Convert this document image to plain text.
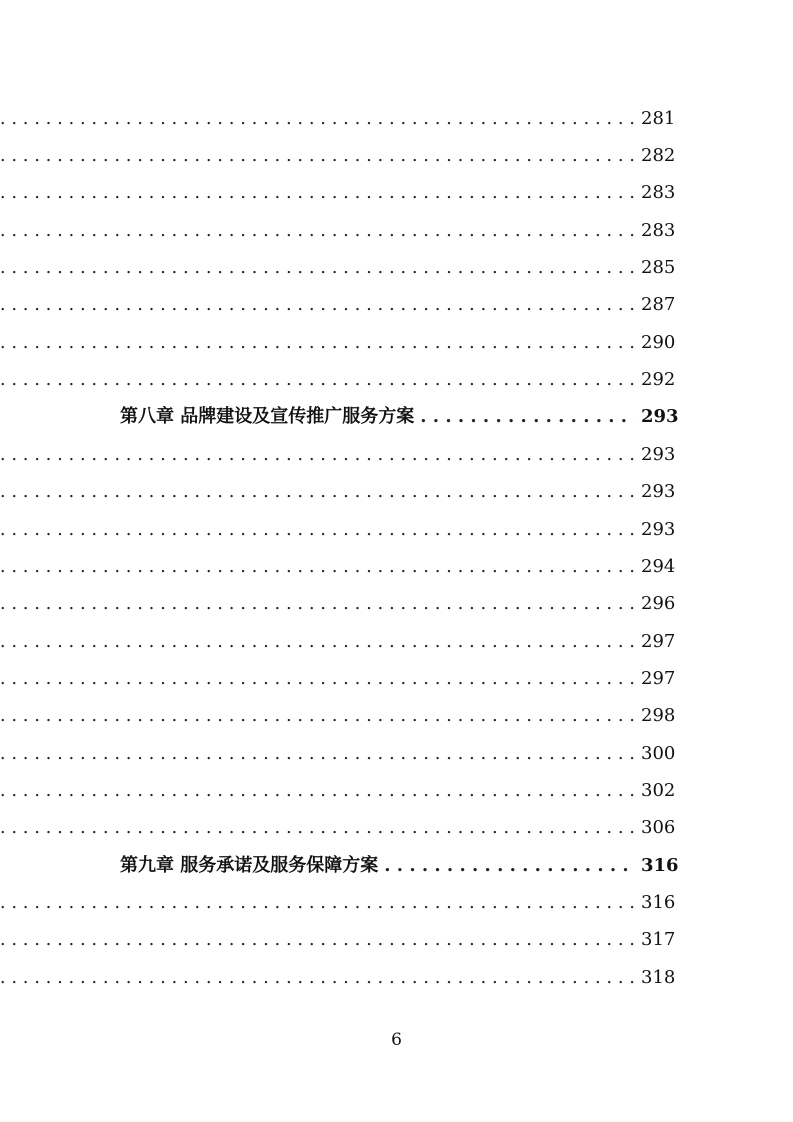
. . .
281
. . .
282
. . .
283
. . .
283
. . .
285
. . .
287
. . .
290
. . .
292
第八章 品牌建设及宣传推广服务方案 . . .	293
. . .
293
. . .
293
. . .
293
. . .
294
. . .
296
. . .
297
. . .
297
. . .
298
. . .
300
. . .
302
. . .
306
第九章 服务承诺及服务保障方案 . . .	316
. . .
316
. . .
317
. . .
318
6
